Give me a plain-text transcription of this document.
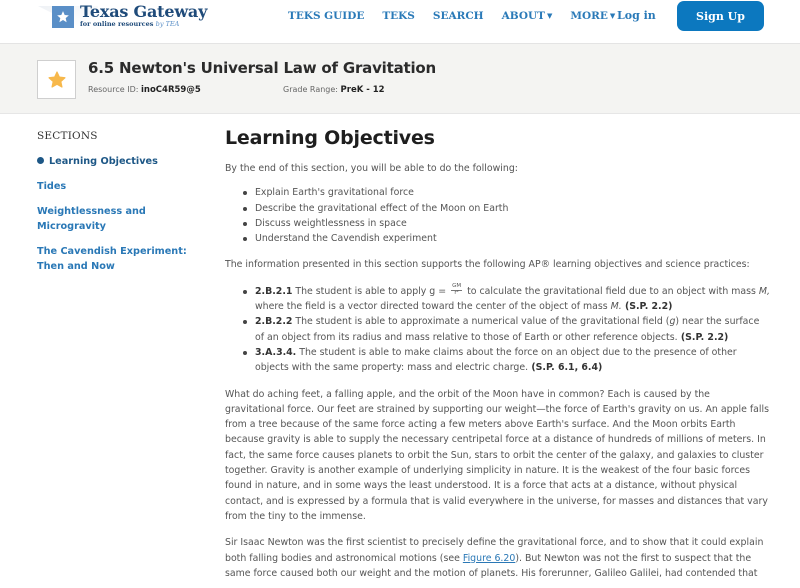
Texas Gateway
for online resources by TEA
TEKS GUIDE TEKS SEARCH ABOUT ▼ MORE ▼ Log in	Sign Up
6.5 Newton's Universal Law of Gravitation
Resource ID: inoC4R59@5	Grade Range: PreK - 12
SECTIONS
Learning Objectives
Tides
Weightlessness and Microgravity
The Cavendish Experiment: Then and Now
Learning Objectives

By the end of this section, you will be able to do the following:

Explain Earth's gravitational force
Describe the gravitational effect of the Moon on Earth
Discuss weightlessness in space
Understand the Cavendish experiment

The information presented in this section supports the following AP® learning objectives and science practices:

2.B.2.1 The student is able to apply $g = \frac{GM}{\text{r²}}$ to calculate the gravitational field due to an object with mass M, where the field is a vector directed toward the center of the object of mass M. (S.P. 2.2)
2.B.2.2 The student is able to approximate a numerical value of the gravitational field (g) near the surface of an object from its radius and mass relative to those of Earth or other reference objects. (S.P. 2.2)
3.A.3.4. The student is able to make claims about the force on an object due to the presence of other objects with the same property: mass and electric charge. (S.P. 6.1, 6.4)

What do aching feet, a falling apple, and the orbit of the Moon have in common? Each is caused by the gravitational force. Our feet are strained by supporting our weight—the force of Earth's gravity on us. An apple falls from a tree because of the same force acting a few meters above Earth's surface. And the Moon orbits Earth because gravity is able to supply the necessary centripetal force at a distance of hundreds of millions of meters. In fact, the same force causes planets to orbit the Sun, stars to orbit the center of the galaxy, and galaxies to cluster together. Gravity is another example of underlying simplicity in nature. It is the weakest of the four basic forces found in nature, and in some ways the least understood. It is a force that acts at a distance, without physical contact, and is expressed by a formula that is valid everywhere in the universe, for masses and distances that vary from the tiny to the immense.

Sir Isaac Newton was the first scientist to precisely define the gravitational force, and to show that it could explain both falling bodies and astronomical motions (see Figure 6.20). But Newton was not the first to suspect that the same force caused both our weight and the motion of planets. His forerunner, Galileo Galilei, had contended that
